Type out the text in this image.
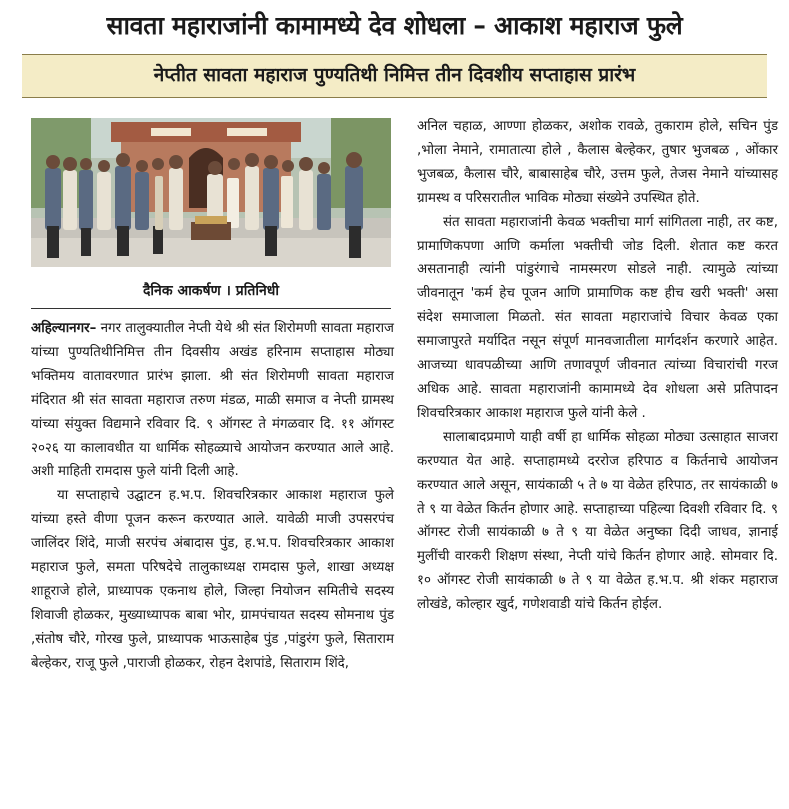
सावता महाराजांनी कामामध्ये देव शोधला – आकाश महाराज फुले
नेप्तीत सावता महाराज पुण्यतिथी निमित्त तीन दिवशीय सप्ताहास प्रारंभ
दैनिक आकर्षण । प्रतिनिधी

अहिल्यानगर– नगर तालुक्यातील नेप्ती येथे श्री संत शिरोमणी सावता महाराज यांच्या पुण्यतिथीनिमित्त तीन दिवसीय अखंड हरिनाम सप्ताहास मोठ्या भक्तिमय वातावरणात प्रारंभ झाला. श्री संत शिरोमणी सावता महाराज मंदिरात श्री संत सावता महाराज तरुण मंडळ, माळी समाज व नेप्ती ग्रामस्थ यांच्या संयुक्त विद्यमाने रविवार दि. ९ ऑगस्ट ते मंगळवार दि. ११ ऑगस्ट २०२६ या कालावधीत या धार्मिक सोहळ्याचे आयोजन करण्यात आले आहे. अशी माहिती रामदास फुले यांनी दिली आहे.

या सप्ताहाचे उद्घाटन ह.भ.प. शिवचरित्रकार आकाश महाराज फुले यांच्या हस्ते वीणा पूजन करून करण्यात आले. यावेळी माजी उपसरपंच जालिंदर शिंदे, माजी सरपंच अंबादास पुंड, ह.भ.प. शिवचरित्रकार आकाश महाराज फुले, समता परिषदेचे तालुकाध्यक्ष रामदास फुले, शाखा अध्यक्ष शाहूराजे होले, प्राध्यापक एकनाथ होले, जिल्हा नियोजन समितीचे सदस्य शिवाजी होळकर, मुख्याध्यापक बाबा भोर, ग्रामपंचायत सदस्य सोमनाथ पुंड ,संतोष चौरे, गोरख फुले, प्राध्यापक भाऊसाहेब पुंड ,पांडुरंग फुले, सिताराम बेल्हेकर, राजू फुले ,पाराजी होळकर, रोहन देशपांडे, सिताराम शिंदे,

अनिल चहाळ, आण्णा होळकर, अशोक रावळे, तुकाराम होले, सचिन पुंड ,भोला नेमाने, रामातात्या होले , कैलास बेल्हेकर, तुषार भुजबळ , ओंकार भुजबळ, कैलास चौरे, बाबासाहेब चौरे, उत्तम फुले, तेजस नेमाने यांच्यासह ग्रामस्थ व परिसरातील भाविक मोठ्या संख्येने उपस्थित होते.

संत सावता महाराजांनी केवळ भक्तीचा मार्ग सांगितला नाही, तर कष्ट, प्रामाणिकपणा आणि कर्माला भक्तीची जोड दिली. शेतात कष्ट करत असतानाही त्यांनी पांडुरंगाचे नामस्मरण सोडले नाही. त्यामुळे त्यांच्या जीवनातून 'कर्म हेच पूजन आणि प्रामाणिक कष्ट हीच खरी भक्ती' असा संदेश समाजाला मिळतो. संत सावता महाराजांचे विचार केवळ एका समाजापुरते मर्यादित नसून संपूर्ण मानवजातीला मार्गदर्शन करणारे आहेत. आजच्या धावपळीच्या आणि तणावपूर्ण जीवनात त्यांच्या विचारांची गरज अधिक आहे. सावता महाराजांनी कामामध्ये देव शोधला असे प्रतिपादन शिवचरित्रकार आकाश महाराज फुले यांनी केले .

सालाबादप्रमाणे याही वर्षी हा धार्मिक सोहळा मोठ्या उत्साहात साजरा करण्यात येत आहे. सप्ताहामध्ये दररोज हरिपाठ व किर्तनाचे आयोजन करण्यात आले असून, सायंकाळी ५ ते ७ या वेळेत हरिपाठ, तर सायंकाळी ७ ते ९ या वेळेत किर्तन होणार आहे. सप्ताहाच्या पहिल्या दिवशी रविवार दि. ९ ऑगस्ट रोजी सायंकाळी ७ ते ९ या वेळेत अनुष्का दिदी जाधव, ज्ञानाई मुलींची वारकरी शिक्षण संस्था, नेप्ती यांचे किर्तन होणार आहे. सोमवार दि. १० ऑगस्ट रोजी सायंकाळी ७ ते ९ या वेळेत ह.भ.प. श्री शंकर महाराज लोखंडे, कोल्हार खुर्द, गणेशवाडी यांचे किर्तन होईल.
